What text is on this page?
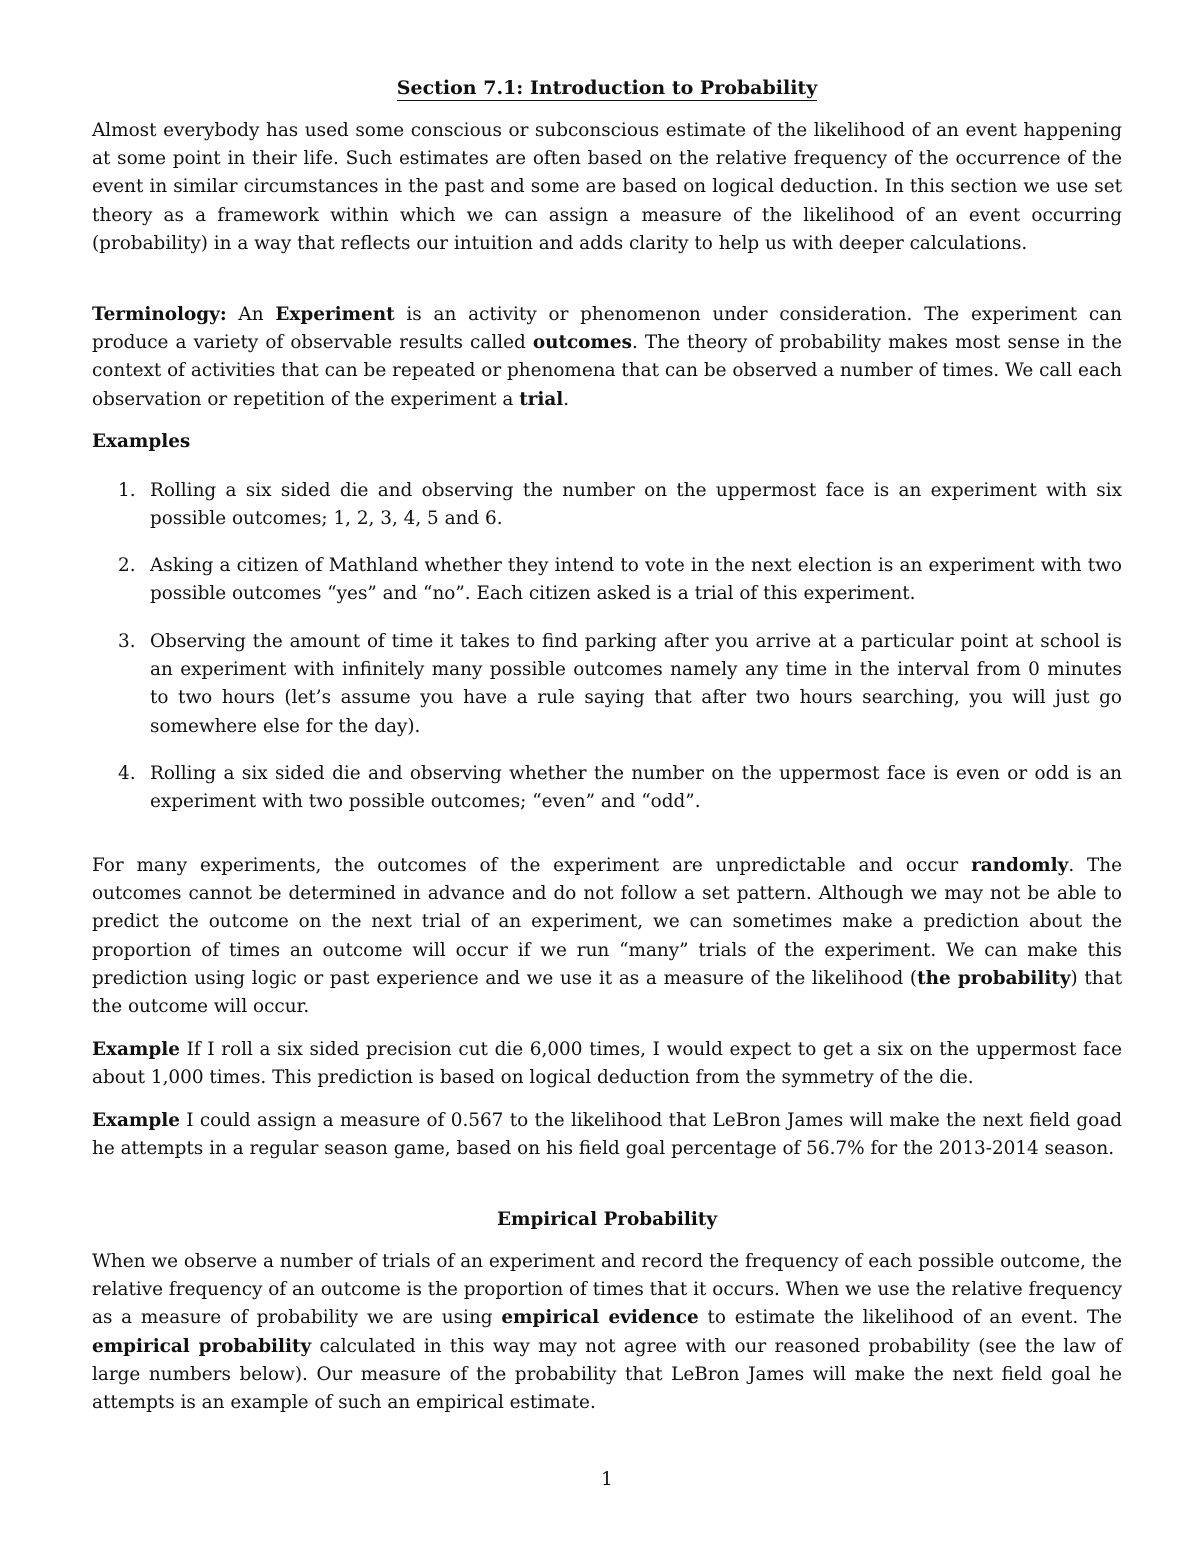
Section 7.1: Introduction to Probability

Almost everybody has used some conscious or subconscious estimate of the likelihood of an event happening at some point in their life. Such estimates are often based on the relative frequency of the occurrence of the event in similar circumstances in the past and some are based on logical deduction. In this section we use set theory as a framework within which we can assign a measure of the likelihood of an event occurring (probability) in a way that reflects our intuition and adds clarity to help us with deeper calculations.

Terminology: An Experiment is an activity or phenomenon under consideration. The experiment can produce a variety of observable results called outcomes. The theory of probability makes most sense in the context of activities that can be repeated or phenomena that can be observed a number of times. We call each observation or repetition of the experiment a trial.

Examples
1. Rolling a six sided die and observing the number on the uppermost face is an experiment with six possible outcomes; 1, 2, 3, 4, 5 and 6.

2. Asking a citizen of Mathland whether they intend to vote in the next election is an experiment with two possible outcomes “yes” and “no”. Each citizen asked is a trial of this experiment.

3. Observing the amount of time it takes to find parking after you arrive at a particular point at school is an experiment with infinitely many possible outcomes namely any time in the interval from 0 minutes to two hours (let’s assume you have a rule saying that after two hours searching, you will just go somewhere else for the day).

4. Rolling a six sided die and observing whether the number on the uppermost face is even or odd is an experiment with two possible outcomes; “even” and “odd”.

For many experiments, the outcomes of the experiment are unpredictable and occur randomly. The outcomes cannot be determined in advance and do not follow a set pattern. Although we may not be able to predict the outcome on the next trial of an experiment, we can sometimes make a prediction about the proportion of times an outcome will occur if we run “many” trials of the experiment. We can make this prediction using logic or past experience and we use it as a measure of the likelihood (the probability) that the outcome will occur.

Example If I roll a six sided precision cut die 6,000 times, I would expect to get a six on the uppermost face about 1,000 times. This prediction is based on logical deduction from the symmetry of the die.

Example I could assign a measure of 0.567 to the likelihood that LeBron James will make the next field goad he attempts in a regular season game, based on his field goal percentage of 56.7% for the 2013-2014 season.

Empirical Probability

When we observe a number of trials of an experiment and record the frequency of each possible outcome, the relative frequency of an outcome is the proportion of times that it occurs. When we use the relative frequency as a measure of probability we are using empirical evidence to estimate the likelihood of an event. The empirical probability calculated in this way may not agree with our reasoned probability (see the law of large numbers below). Our measure of the probability that LeBron James will make the next field goal he attempts is an example of such an empirical estimate.

1
